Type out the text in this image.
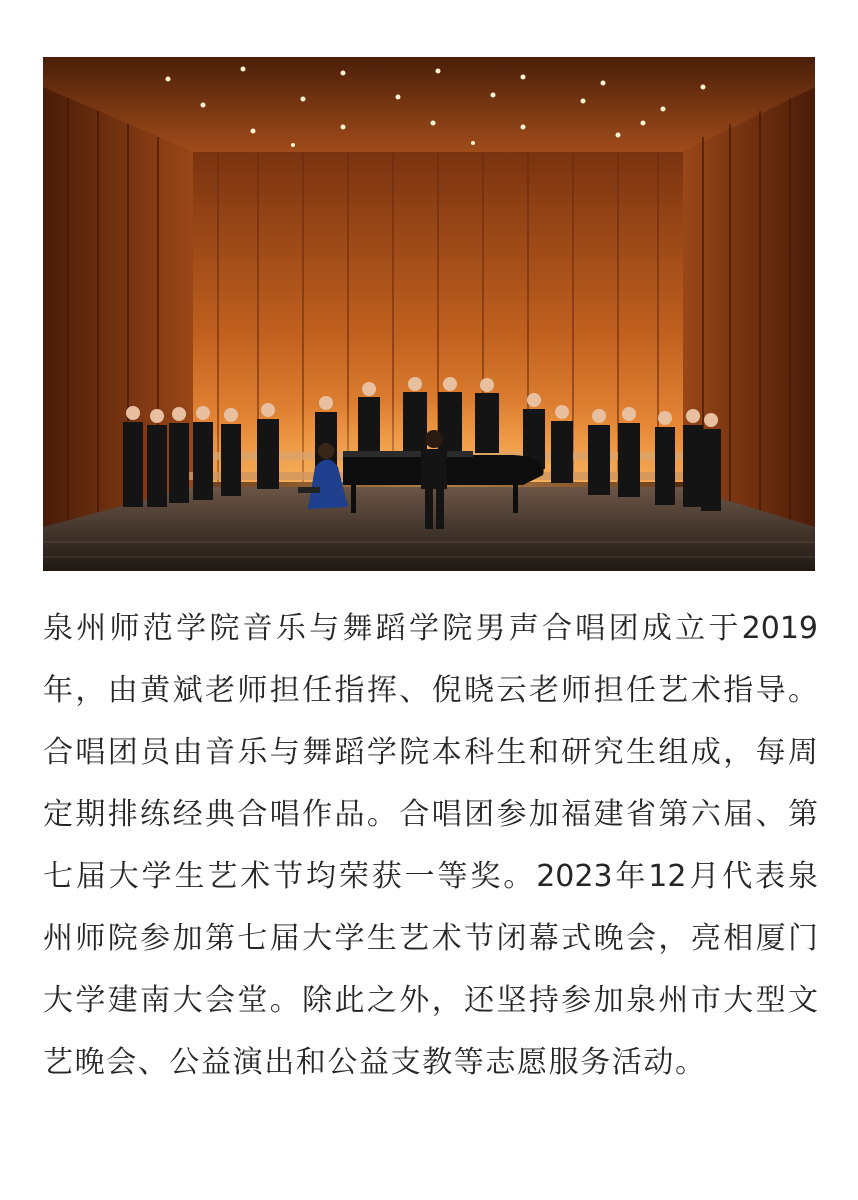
泉州师范学院音乐与舞蹈学院男声合唱团成立于2019
年，由黄斌老师担任指挥、倪晓云老师担任艺术指导。
合唱团员由音乐与舞蹈学院本科生和研究生组成，每周
定期排练经典合唱作品。合唱团参加福建省第六届、第
七届大学生艺术节均荣获一等奖。2023年12月代表泉
州师院参加第七届大学生艺术节闭幕式晚会，亮相厦门
大学建南大会堂。除此之外，还坚持参加泉州市大型文
艺晚会、公益演出和公益支教等志愿服务活动。
